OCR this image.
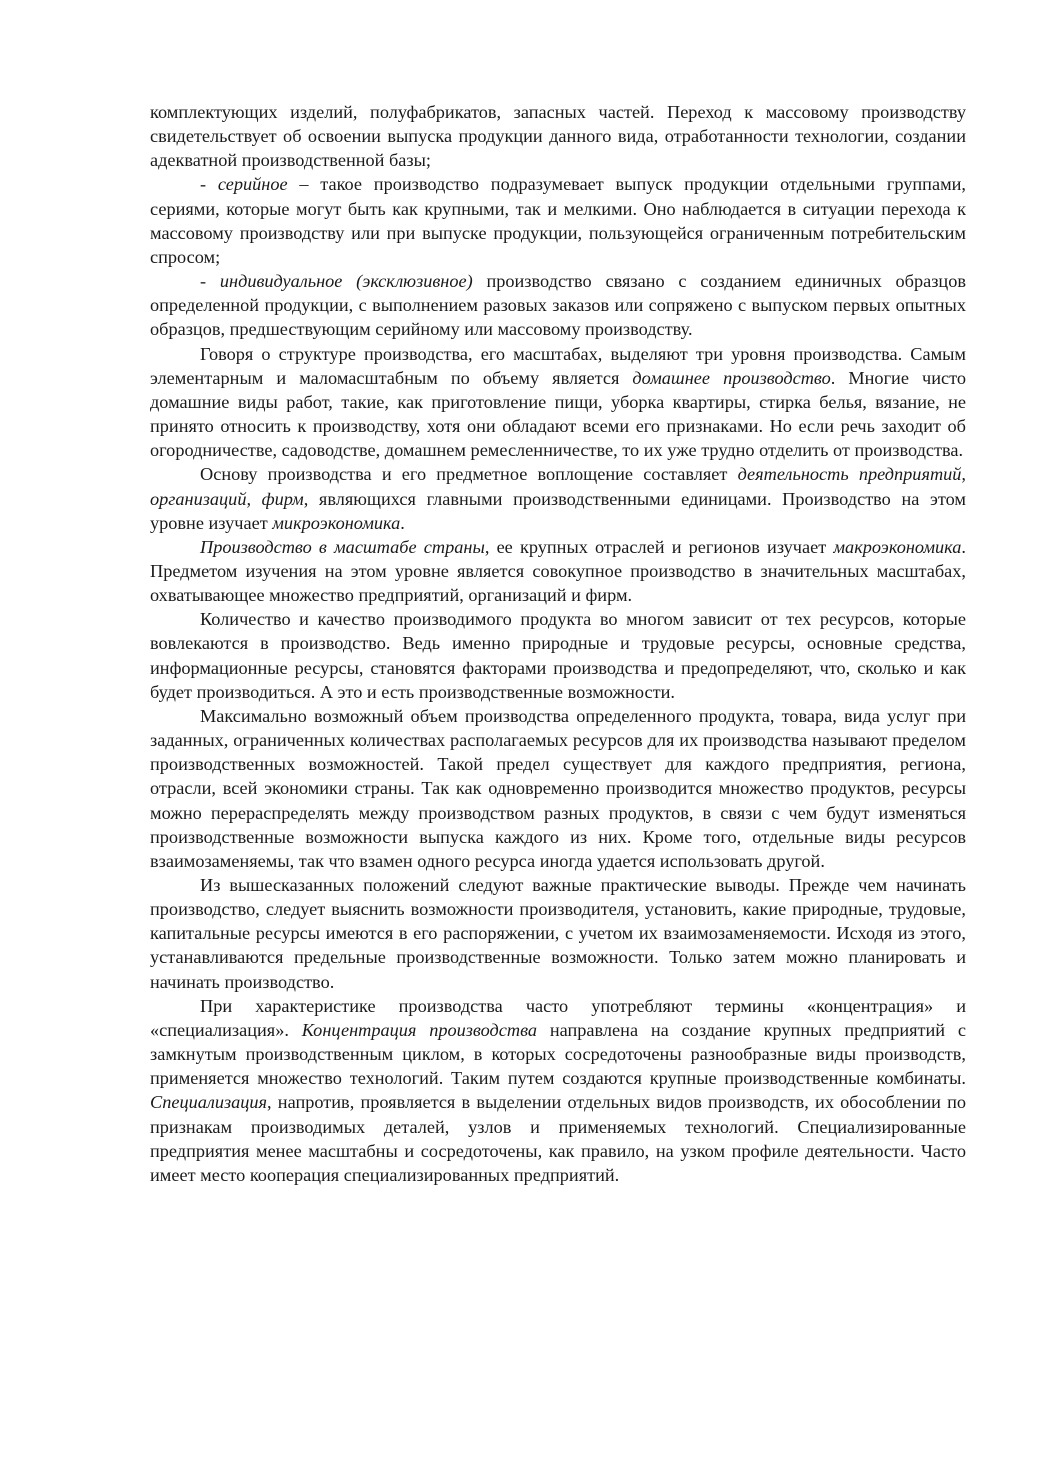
комплектующих изделий, полуфабрикатов, запасных частей. Переход к массовому производству свидетельствует об освоении выпуска продукции данного вида, отработанности технологии, создании адекватной производственной базы;

- серийное – такое производство подразумевает выпуск продукции отдельными группами, сериями, которые могут быть как крупными, так и мелкими. Оно наблюдается в ситуации перехода к массовому производству или при выпуске продукции, пользующейся ограниченным потребительским спросом;

- индивидуальное (эксклюзивное) производство связано с созданием единичных образцов определенной продукции, с выполнением разовых заказов или сопряжено с выпуском первых опытных образцов, предшествующим серийному или массовому производству.

Говоря о структуре производства, его масштабах, выделяют три уровня производства. Самым элементарным и маломасштабным по объему является домашнее производство. Многие чисто домашние виды работ, такие, как приготовление пищи, уборка квартиры, стирка белья, вязание, не принято относить к производству, хотя они обладают всеми его признаками. Но если речь заходит об огородничестве, садоводстве, домашнем ремесленничестве, то их уже трудно отделить от производства.

Основу производства и его предметное воплощение составляет деятельность предприятий, организаций, фирм, являющихся главными производственными единицами. Производство на этом уровне изучает микроэкономика.

Производство в масштабе страны, ее крупных отраслей и регионов изучает макроэкономика. Предметом изучения на этом уровне является совокупное производство в значительных масштабах, охватывающее множество предприятий, организаций и фирм.

Количество и качество производимого продукта во многом зависит от тех ресурсов, которые вовлекаются в производство. Ведь именно природные и трудовые ресурсы, основные средства, информационные ресурсы, становятся факторами производства и предопределяют, что, сколько и как будет производиться. А это и есть производственные возможности.

Максимально возможный объем производства определенного продукта, товара, вида услуг при заданных, ограниченных количествах располагаемых ресурсов для их производства называют пределом производственных возможностей. Такой предел существует для каждого предприятия, региона, отрасли, всей экономики страны. Так как одновременно производится множество продуктов, ресурсы можно перераспределять между производством разных продуктов, в связи с чем будут изменяться производственные возможности выпуска каждого из них. Кроме того, отдельные виды ресурсов взаимозаменяемы, так что взамен одного ресурса иногда удается использовать другой.

Из вышесказанных положений следуют важные практические выводы. Прежде чем начинать производство, следует выяснить возможности производителя, установить, какие природные, трудовые, капитальные ресурсы имеются в его распоряжении, с учетом их взаимозаменяемости. Исходя из этого, устанавливаются предельные производственные возможности. Только затем можно планировать и начинать производство.

При характеристике производства часто употребляют термины «концентрация» и «специализация». Концентрация производства направлена на создание крупных предприятий с замкнутым производственным циклом, в которых сосредоточены разнообразные виды производств, применяется множество технологий. Таким путем создаются крупные производственные комбинаты. Специализация, напротив, проявляется в выделении отдельных видов производств, их обособлении по признакам производимых деталей, узлов и применяемых технологий. Специализированные предприятия менее масштабны и сосредоточены, как правило, на узком профиле деятельности. Часто имеет место кооперация специализированных предприятий.
